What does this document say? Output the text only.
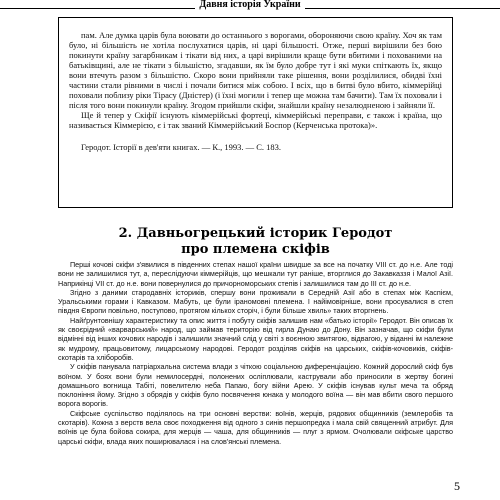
Давня історія України

пам. Але думка царів була воювати до останнього з ворогами, обороняючи свою країну. Хоч як там було, ні більшість не хотіла послухатися царів, ні царі більшості. Отже, перші вирішили без бою покинути країну загарбникам і тікати від них, а царі вирішили краще бути вбитими і похованими на батьківщині, але не тікати з більшістю, згадавши, як їм було добре тут і які муки спіткають їх, якщо вони втечуть разом з більшістю. Скоро вони прийняли таке рішення, вони розділилися, обидві їхні частини стали рівними в числі і почали битися між собою. І всіх, що в битві було вбито, кіммерійці поховали поблизу ріки Тірасу (Дністер) (і їхні могили і тепер ще можна там бачити). Там їх поховали і після того вони покинули країну. Згодом прийшли скіфи, знайшли країну незалюдненою і зайняли її.

Ще й тепер у Скіфії існують кіммерійські фортеці, кіммерійські переправи, є також і країна, що називається Кіммерією, є і так званий Кіммерійський Боспор (Керченська протока)».

Геродот. Історії в дев'яти книгах. — К., 1993. — С. 183.

2. Давньогрецький історик Геродот
про племена скіфів

Перші кочові скіфи з'явилися в південних степах нашої країни швидше за все на початку VIII ст. до н.е. Але тоді вони не залишилися тут, а, переслідуючи кіммерійців, що мешкали тут раніше, вторглися до Закавказзя і Малої Азії. Наприкінці VII ст. до н.е. вони повернулися до причорноморських степів і залишилися там до III ст. до н.е.

Згідно з даними стародавніх істориків, спершу вони проживали в Середній Азії або в степах між Каспієм, Уральськими горами і Кавказом. Мабуть, це були іраномовні племена. І найімовірніше, вони просувалися в степ півдня Європи повільно, поступово, протягом кількох сторіч, і були більше хвиль» таких вторгнень.

Найґрунтовнішу характеристику та опис життя і побуту скіфів залишив нам «батько історії» Геродот. Він описав їх як своєрідний «варварський» народ, що займав територію від гирла Дунаю до Дону. Він зазначав, що скіфи були відмінні від інших кочових народів і залишили значний слід у світі з воєнною звитягою, відвагою, у віданні ім належне як мудрому, працьовитому, лицарському народові. Геродот розділяв скіфів на царських, скіфів-кочовиків, скіфів-скотарів та хліборобів.

У скіфів панувала патріархальна система влади з чіткою соціальною диференціацією. Кожний дорослий скіф був воїном. У боях вони були немилосердні, полонених осліплювали, кастрували або приносили в жертву богині домашнього вогнища Табіті, повелителю неба Папаю, богу війни Арею. У скіфів існував культ меча та обряд поклоніння йому. Згідно з обрядів у скіфів було посвячення юнака у молодого воїна — він мав вбити свого першого ворога ворогів.

Скіфське суспільство поділялось на три основні верстви: воїнів, жерців, рядових общинників (землеробів та скотарів). Кожна з верств вела своє походження від одного з синів першопредка і мала свій священний атрибут. Для воїнів це була бойова сокира, для жерців — чаша, для общинників — плуг з ярмом. Очолювали скіфське царство царські скіфи, влада яких поширювалася і на слов'янські племена.

5
